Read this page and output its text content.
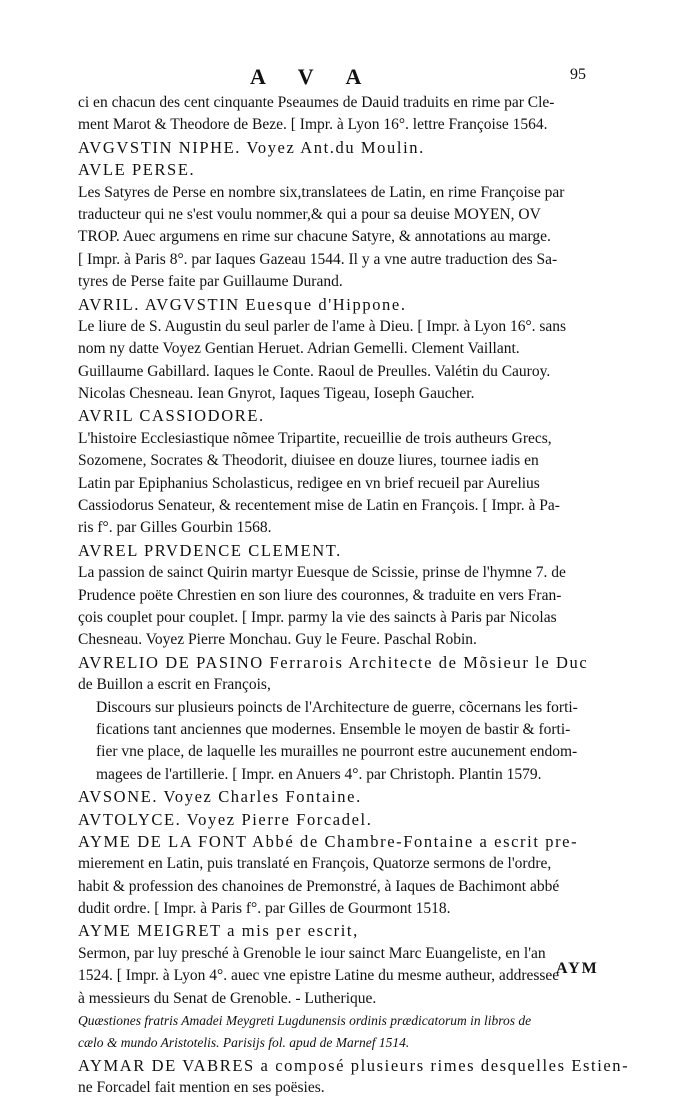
A V A	95
ci en chacun des cent cinquante Pseaumes de Dauid traduits en rime par Cle-
ment Marot & Theodore de Beze. [ Impr. à Lyon 16°. lettre Françoise 1564.
AVGVSTIN NIPHE. Voyez Ant.du Moulin.
AVLE PERSE.
Les Satyres de Perse en nombre six,translatees de Latin, en rime Françoise par
traducteur qui ne s'est voulu nommer,& qui a pour sa deuise MOYEN, OV
TROP. Auec argumens en rime sur chacune Satyre, & annotations au marge.
[ Impr. à Paris 8°. par Iaques Gazeau 1544. Il y a vne autre traduction des Sa-
tyres de Perse faite par Guillaume Durand.
AVRIL. AVGVSTIN Euesque d'Hippone.
Le liure de S. Augustin du seul parler de l'ame à Dieu. [ Impr. à Lyon 16°. sans
nom ny datte Voyez Gentian Heruet. Adrian Gemelli. Clement Vaillant.
Guillaume Gabillard. Iaques le Conte. Raoul de Preulles. Valétin du Cauroy.
Nicolas Chesneau. Iean Gnyrot, Iaques Tigeau, Ioseph Gaucher.
AVRIL CASSIODORE.
L'histoire Ecclesiastique nõmee Tripartite, recueillie de trois autheurs Grecs,
Sozomene, Socrates & Theodorit, diuisee en douze liures, tournee iadis en
Latin par Epiphanius Scholasticus, redigee en vn brief recueil par Aurelius
Cassiodorus Senateur, & recentement mise de Latin en François. [ Impr. à Pa-
ris f°. par Gilles Gourbin 1568.
AVREL PRVDENCE CLEMENT.
La passion de sainct Quirin martyr Euesque de Scissie, prinse de l'hymne 7. de
Prudence poëte Chrestien en son liure des couronnes, & traduite en vers Fran-
çois couplet pour couplet. [ Impr. parmy la vie des saincts à Paris par Nicolas
Chesneau. Voyez Pierre Monchau. Guy le Feure. Paschal Robin.
AVRELIO DE PASINO Ferrarois Architecte de Mõsieur le Duc
de Buillon a escrit en François,
Discours sur plusieurs poincts de l'Architecture de guerre, cõcernans les forti-
fications tant anciennes que modernes. Ensemble le moyen de bastir & forti-
fier vne place, de laquelle les murailles ne pourront estre aucunement endom-
magees de l'artillerie. [ Impr. en Anuers 4°. par Christoph. Plantin 1579.
AVSONE. Voyez Charles Fontaine.
AVTOLYCE. Voyez Pierre Forcadel.
AYME DE LA FONT Abbé de Chambre-Fontaine a escrit pre-
mierement en Latin, puis translaté en François, Quatorze sermons de l'ordre,
habit & profession des chanoines de Premonstré, à Iaques de Bachimont abbé
dudit ordre. [ Impr. à Paris f°. par Gilles de Gourmont 1518.
AYME MEIGRET a mis per escrit,
Sermon, par luy presché à Grenoble le iour sainct Marc Euangeliste, en l'an
1524. [ Impr. à Lyon 4°. auec vne epistre Latine du mesme autheur, addressee
à messieurs du Senat de Grenoble. - Lutherique.
Quæstiones fratris Amadei Meygreti Lugdunensis ordinis prædicatorum in libros de
cælo & mundo Aristotelis. Parisijs fol. apud de Marnef 1514.
AYMAR DE VABRES a composé plusieurs rimes desquelles Estien-
ne Forcadel fait mention en ses poësies.
AYM
